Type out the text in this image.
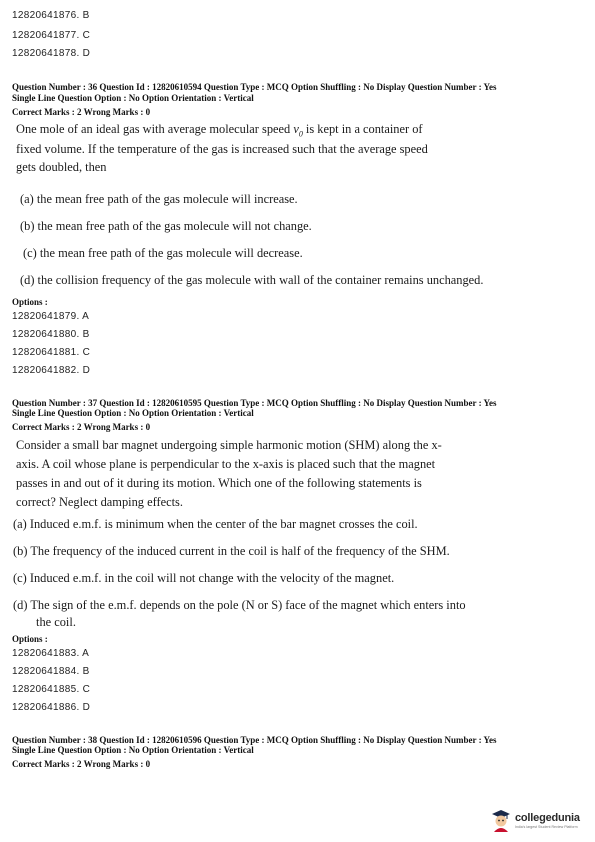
12820641876. B
12820641877. C
12820641878. D
Question Number : 36 Question Id : 12820610594 Question Type : MCQ Option Shuffling : No Display Question Number : Yes
Single Line Question Option : No Option Orientation : Vertical
Correct Marks : 2 Wrong Marks : 0
One mole of an ideal gas with average molecular speed $v_0$ is kept in a container of
fixed volume. If the temperature of the gas is increased such that the average speed
gets doubled, then
(a) the mean free path of the gas molecule will increase.
(b) the mean free path of the gas molecule will not change.
(c) the mean free path of the gas molecule will decrease.
(d) the collision frequency of the gas molecule with wall of the container remains unchanged.
Options :
12820641879. A
12820641880. B
12820641881. C
12820641882. D
Question Number : 37 Question Id : 12820610595 Question Type : MCQ Option Shuffling : No Display Question Number : Yes
Single Line Question Option : No Option Orientation : Vertical
Correct Marks : 2 Wrong Marks : 0
Consider a small bar magnet undergoing simple harmonic motion (SHM) along the x-
axis. A coil whose plane is perpendicular to the x-axis is placed such that the magnet
passes in and out of it during its motion. Which one of the following statements is
correct? Neglect damping effects.
(a) Induced e.m.f. is minimum when the center of the bar magnet crosses the coil.
(b) The frequency of the induced current in the coil is half of the frequency of the SHM.
(c) Induced e.m.f. in the coil will not change with the velocity of the magnet.
(d) The sign of the e.m.f. depends on the pole (N or S) face of the magnet which enters into
the coil.
Options :
12820641883. A
12820641884. B
12820641885. C
12820641886. D
Question Number : 38 Question Id : 12820610596 Question Type : MCQ Option Shuffling : No Display Question Number : Yes
Single Line Question Option : No Option Orientation : Vertical
Correct Marks : 2 Wrong Marks : 0
collegedunia
India's largest Student Review Platform
